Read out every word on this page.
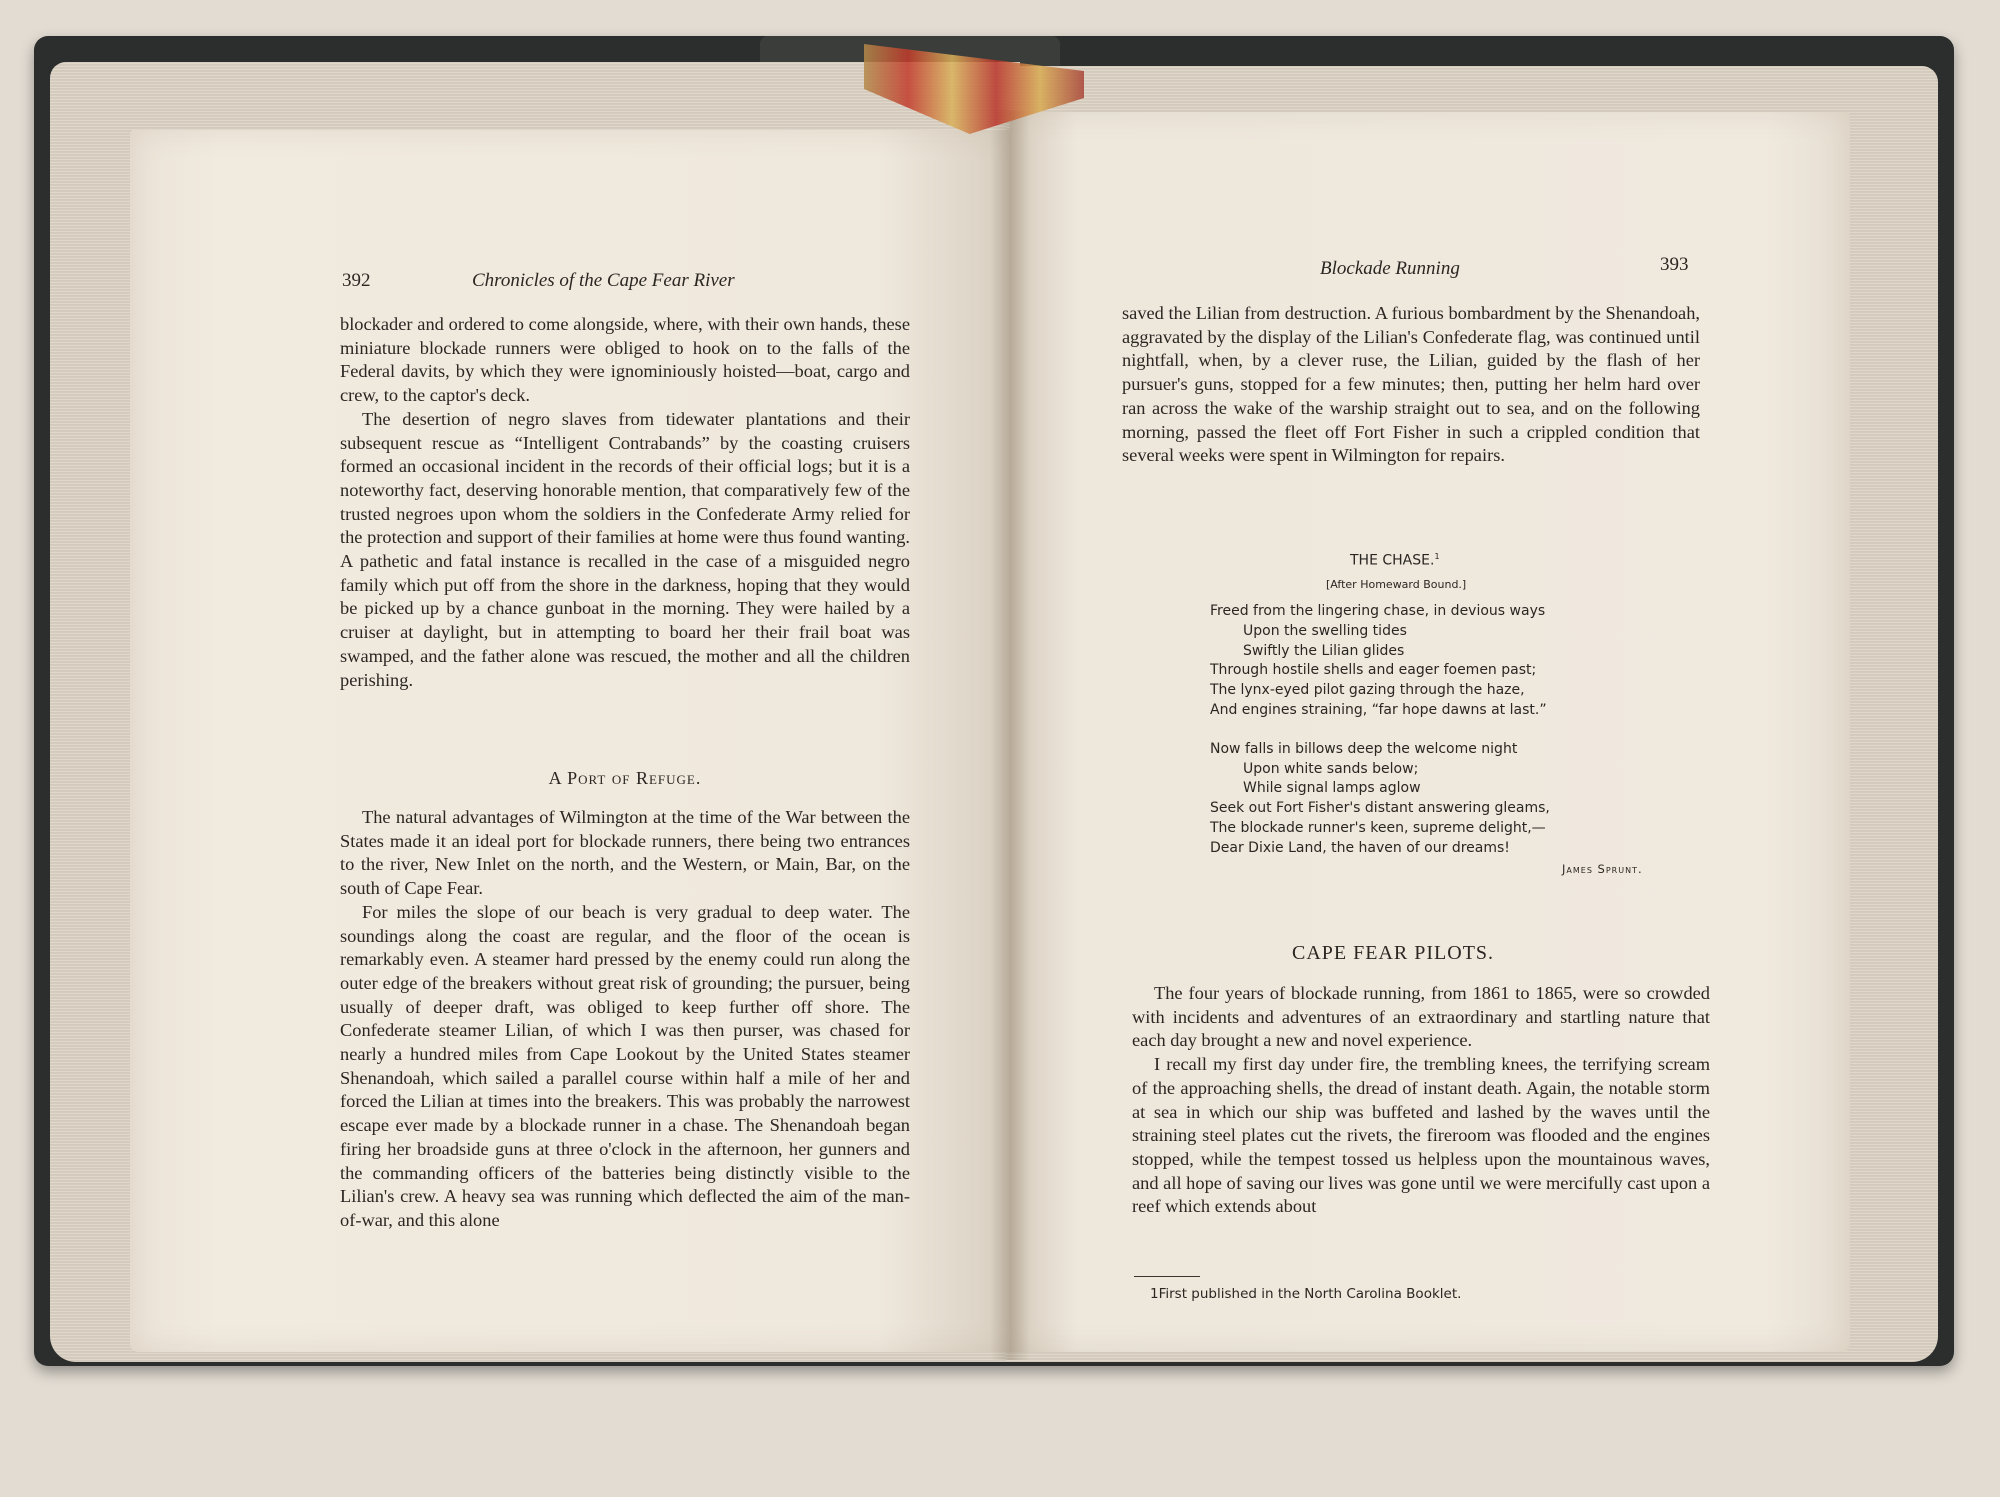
392	Chronicles of the Cape Fear River

blockader and ordered to come alongside, where, with their own hands, these miniature blockade runners were obliged to hook on to the falls of the Federal davits, by which they were ignominiously hoisted—boat, cargo and crew, to the captor's deck.

The desertion of negro slaves from tidewater plantations and their subsequent rescue as “Intelligent Contrabands” by the coasting cruisers formed an occasional incident in the records of their official logs; but it is a noteworthy fact, deserving honorable mention, that comparatively few of the trusted negroes upon whom the soldiers in the Confederate Army relied for the protection and support of their families at home were thus found wanting. A pathetic and fatal instance is recalled in the case of a misguided negro family which put off from the shore in the darkness, hoping that they would be picked up by a chance gunboat in the morning. They were hailed by a cruiser at daylight, but in attempting to board her their frail boat was swamped, and the father alone was rescued, the mother and all the children perishing.

A Port of Refuge.

The natural advantages of Wilmington at the time of the War between the States made it an ideal port for blockade runners, there being two entrances to the river, New Inlet on the north, and the Western, or Main, Bar, on the south of Cape Fear.

For miles the slope of our beach is very gradual to deep water. The soundings along the coast are regular, and the floor of the ocean is remarkably even. A steamer hard pressed by the enemy could run along the outer edge of the breakers without great risk of grounding; the pursuer, being usually of deeper draft, was obliged to keep further off shore. The Confederate steamer Lilian, of which I was then purser, was chased for nearly a hundred miles from Cape Lookout by the United States steamer Shenandoah, which sailed a parallel course within half a mile of her and forced the Lilian at times into the breakers. This was probably the narrowest escape ever made by a blockade runner in a chase. The Shenandoah began firing her broadside guns at three o'clock in the afternoon, her gunners and the commanding officers of the batteries being distinctly visible to the Lilian's crew. A heavy sea was running which deflected the aim of the man-of-war, and this alone

Blockade Running	393

saved the Lilian from destruction. A furious bombardment by the Shenandoah, aggravated by the display of the Lilian's Confederate flag, was continued until nightfall, when, by a clever ruse, the Lilian, guided by the flash of her pursuer's guns, stopped for a few minutes; then, putting her helm hard over ran across the wake of the warship straight out to sea, and on the following morning, passed the fleet off Fort Fisher in such a crippled condition that several weeks were spent in Wilmington for repairs.

THE CHASE.$^1$
[After Homeward Bound.]
Freed from the lingering chase, in devious ways
Upon the swelling tides
Swiftly the Lilian glides
Through hostile shells and eager foemen past;
The lynx-eyed pilot gazing through the haze,
And engines straining, “far hope dawns at last.”
Now falls in billows deep the welcome night
Upon white sands below;
While signal lamps aglow
Seek out Fort Fisher's distant answering gleams,
The blockade runner's keen, supreme delight,—
Dear Dixie Land, the haven of our dreams!
James Sprunt.
CAPE FEAR PILOTS.

The four years of blockade running, from 1861 to 1865, were so crowded with incidents and adventures of an extraordinary and startling nature that each day brought a new and novel experience.

I recall my first day under fire, the trembling knees, the terrifying scream of the approaching shells, the dread of instant death. Again, the notable storm at sea in which our ship was buffeted and lashed by the waves until the straining steel plates cut the rivets, the fireroom was flooded and the engines stopped, while the tempest tossed us helpless upon the mountainous waves, and all hope of saving our lives was gone until we were mercifully cast upon a reef which extends about

1First published in the North Carolina Booklet.
